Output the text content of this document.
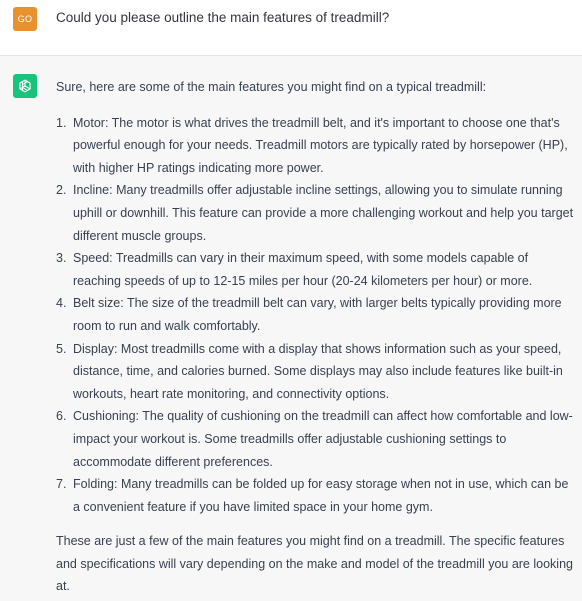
GO	Could you please outline the main features of treadmill?

Sure, here are some of the main features you might find on a typical treadmill:

1. Motor: The motor is what drives the treadmill belt, and it's important to choose one that's powerful enough for your needs. Treadmill motors are typically rated by horsepower (HP), with higher HP ratings indicating more power.
2. Incline: Many treadmills offer adjustable incline settings, allowing you to simulate running uphill or downhill. This feature can provide a more challenging workout and help you target different muscle groups.
3. Speed: Treadmills can vary in their maximum speed, with some models capable of reaching speeds of up to 12-15 miles per hour (20-24 kilometers per hour) or more.
4. Belt size: The size of the treadmill belt can vary, with larger belts typically providing more room to run and walk comfortably.
5. Display: Most treadmills come with a display that shows information such as your speed, distance, time, and calories burned. Some displays may also include features like built-in workouts, heart rate monitoring, and connectivity options.
6. Cushioning: The quality of cushioning on the treadmill can affect how comfortable and low-impact your workout is. Some treadmills offer adjustable cushioning settings to accommodate different preferences.
7. Folding: Many treadmills can be folded up for easy storage when not in use, which can be a convenient feature if you have limited space in your home gym.

These are just a few of the main features you might find on a treadmill. The specific features and specifications will vary depending on the make and model of the treadmill you are looking at.
